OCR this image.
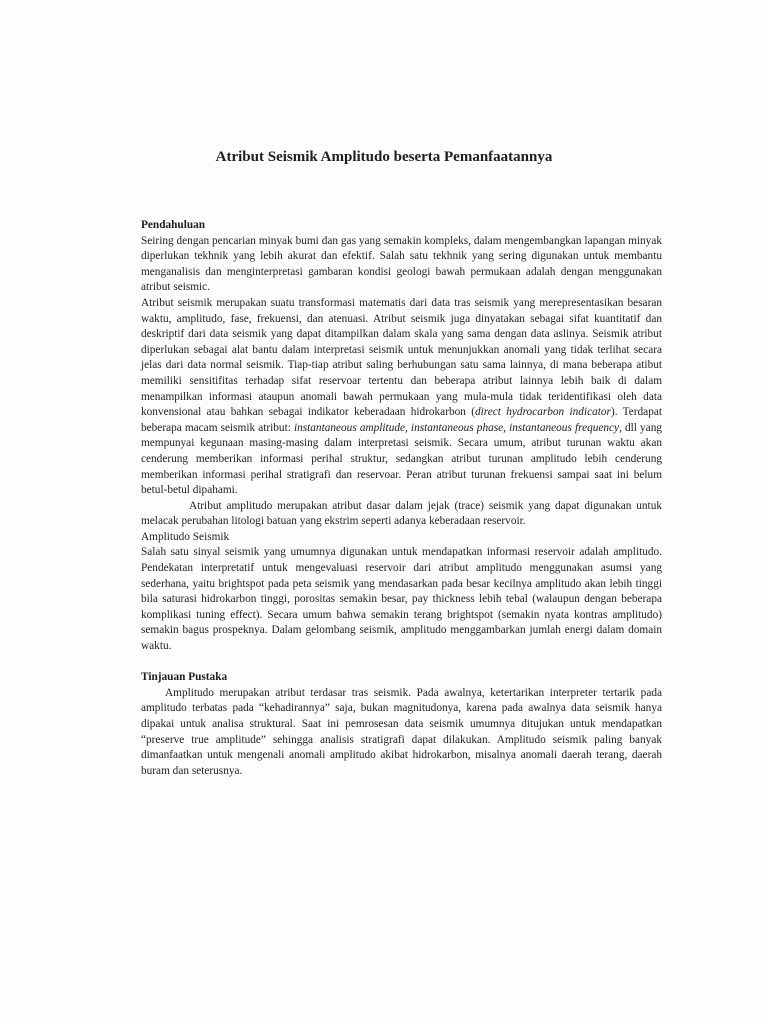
Atribut Seismik Amplitudo beserta Pemanfaatannya
Pendahuluan

Seiring dengan pencarian minyak bumi dan gas yang semakin kompleks, dalam mengembangkan lapangan minyak diperlukan tekhnik yang lebih akurat dan efektif. Salah satu tekhnik yang sering digunakan untuk membantu menganalisis dan menginterpretasi gambaran kondisi geologi bawah permukaan adalah dengan menggunakan atribut seismic.

Atribut seismik merupakan suatu transformasi matematis dari data tras seismik yang merepresentasikan besaran waktu, amplitudo, fase, frekuensi, dan atenuasi. Atribut seismik juga dinyatakan sebagai sifat kuantitatif dan deskriptif dari data seismik yang dapat ditampilkan dalam skala yang sama dengan data aslinya. Seismik atribut diperlukan sebagai alat bantu dalam interpretasi seismik untuk menunjukkan anomali yang tidak terlihat secara jelas dari data normal seismik. Tiap-tiap atribut saling berhubungan satu sama lainnya, di mana beberapa atibut memiliki sensitifitas terhadap sifat reservoar tertentu dan beberapa atribut lainnya lebih baik di dalam menampilkan informasi ataupun anomali bawah permukaan yang mula-mula tidak teridentifikasi oleh data konvensional atau bahkan sebagai indikator keberadaan hidrokarbon (direct hydrocarbon indicator). Terdapat beberapa macam seismik atribut: instantaneous amplitude, instantaneous phase, instantaneous frequency, dll yang mempunyai kegunaan masing-masing dalam interpretasi seismik. Secara umum, atribut turunan waktu akan cenderung memberikan informasi perihal struktur, sedangkan atribut turunan amplitudo lebih cenderung memberikan informasi perihal stratigrafi dan reservoar. Peran atribut turunan frekuensi sampai saat ini belum betul-betul dipahami.

Atribut amplitudo merupakan atribut dasar dalam jejak (trace) seismik yang dapat digunakan untuk melacak perubahan litologi batuan yang ekstrim seperti adanya keberadaan reservoir.

Amplitudo Seismik

Salah satu sinyal seismik yang umumnya digunakan untuk mendapatkan informasi reservoir adalah amplitudo. Pendekatan interpretatif untuk mengevaluasi reservoir dari atribut amplitudo menggunakan asumsi yang sederhana, yaitu brightspot pada peta seismik yang mendasarkan pada besar kecilnya amplitudo akan lebih tinggi bila saturasi hidrokarbon tinggi, porositas semakin besar, pay thickness lebih tebal (walaupun dengan beberapa komplikasi tuning effect). Secara umum bahwa semakin terang brightspot (semakin nyata kontras amplitudo) semakin bagus prospeknya. Dalam gelombang seismik, amplitudo menggambarkan jumlah energi dalam domain waktu.

Tinjauan Pustaka

Amplitudo merupakan atribut terdasar tras seismik. Pada awalnya, ketertarikan interpreter tertarik pada amplitudo terbatas pada “kehadirannya” saja, bukan magnitudonya, karena pada awalnya data seismik hanya dipakai untuk analisa struktural. Saat ini pemrosesan data seismik umumnya ditujukan untuk mendapatkan “preserve true amplitude” sehingga analisis stratigrafi dapat dilakukan. Amplitudo seismik paling banyak dimanfaatkan untuk mengenali anomali amplitudo akibat hidrokarbon, misalnya anomali daerah terang, daerah buram dan seterusnya.
